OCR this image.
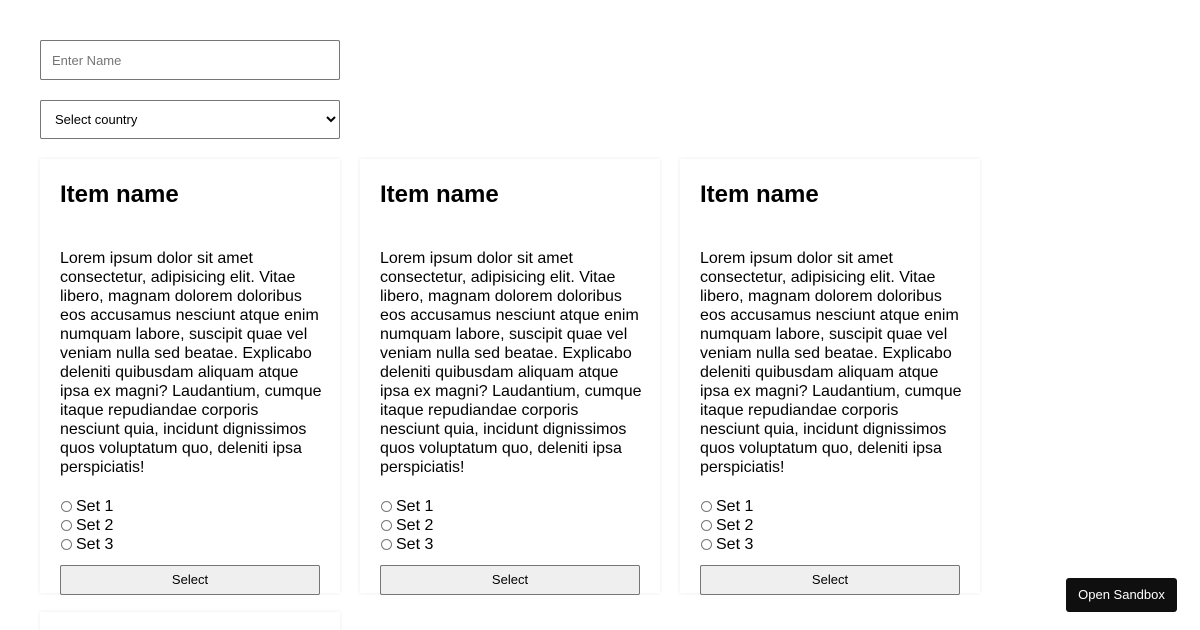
Enter Name
Select country
Item name

Lorem ipsum dolor sit amet consectetur, adipisicing elit. Vitae libero, magnam dolorem doloribus eos accusamus nesciunt atque enim numquam labore, suscipit quae vel veniam nulla sed beatae. Explicabo deleniti quibusdam aliquam atque ipsa ex magni? Laudantium, cumque itaque repudiandae corporis nesciunt quia, incidunt dignissimos quos voluptatum quo, deleniti ipsa perspiciatis!

Set 1
Set 2
Set 3
Select
Item name

Lorem ipsum dolor sit amet consectetur, adipisicing elit. Vitae libero, magnam dolorem doloribus eos accusamus nesciunt atque enim numquam labore, suscipit quae vel veniam nulla sed beatae. Explicabo deleniti quibusdam aliquam atque ipsa ex magni? Laudantium, cumque itaque repudiandae corporis nesciunt quia, incidunt dignissimos quos voluptatum quo, deleniti ipsa perspiciatis!

Set 1
Set 2
Set 3
Select
Item name

Lorem ipsum dolor sit amet consectetur, adipisicing elit. Vitae libero, magnam dolorem doloribus eos accusamus nesciunt atque enim numquam labore, suscipit quae vel veniam nulla sed beatae. Explicabo deleniti quibusdam aliquam atque ipsa ex magni? Laudantium, cumque itaque repudiandae corporis nesciunt quia, incidunt dignissimos quos voluptatum quo, deleniti ipsa perspiciatis!

Set 1
Set 2
Set 3
Select
Open Sandbox
